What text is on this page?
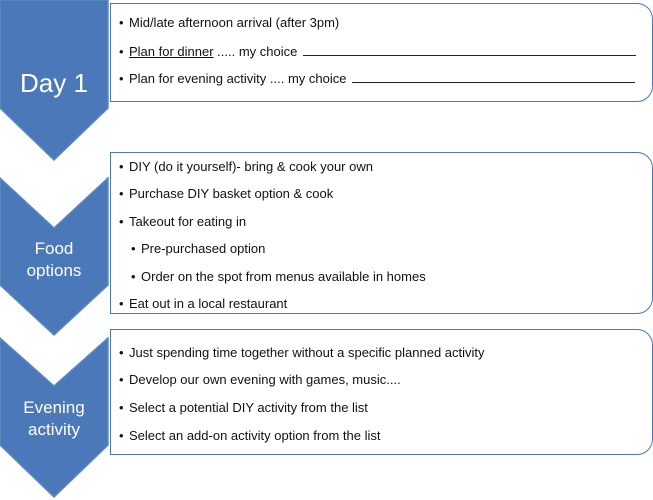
Day 1
Food
options
Evening
activity
• Mid/late afternoon arrival (after 3pm)
• Plan for dinner ..... my choice
• Plan for evening activity .... my choice
• DIY (do it yourself)- bring & cook your own
• Purchase DIY basket option & cook
• Takeout for eating in
• Pre-purchased option
• Order on the spot from menus available in homes
• Eat out in a local restaurant
• Just spending time together without a specific planned activity
• Develop our own evening with games, music....
• Select a potential DIY activity from the list
• Select an add-on activity option from the list
